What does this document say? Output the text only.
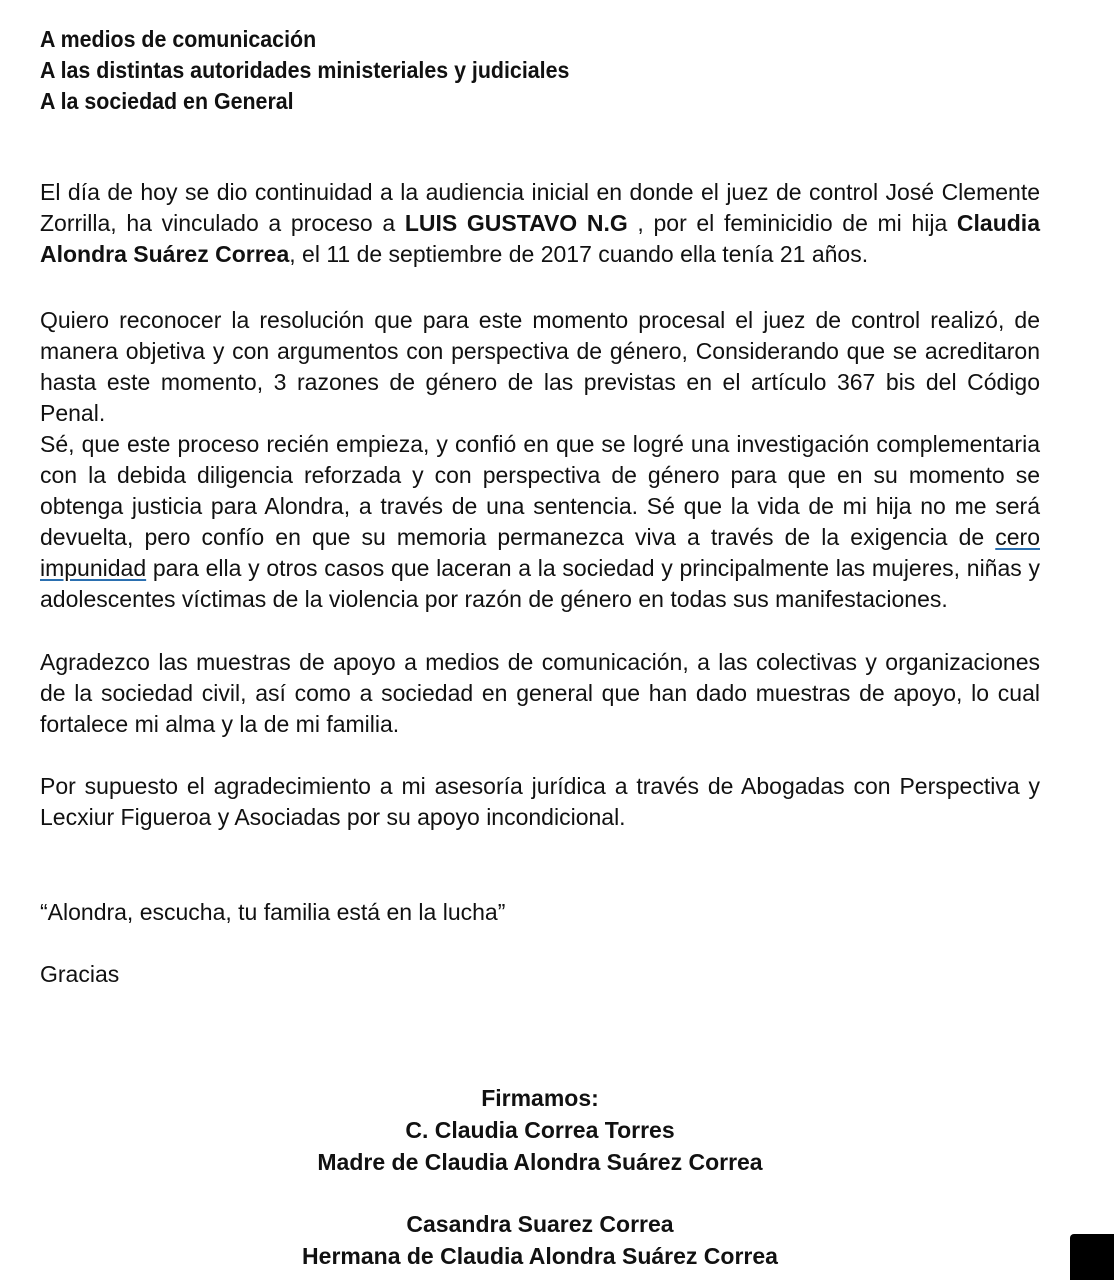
A medios de comunicación
A las distintas autoridades ministeriales y judiciales
A la sociedad en General

El día de hoy se dio continuidad a la audiencia inicial en donde el juez de control José Clemente Zorrilla, ha vinculado a proceso a LUIS GUSTAVO N.G , por el feminicidio de mi hija Claudia Alondra Suárez Correa, el 11 de septiembre de 2017 cuando ella tenía 21 años.

Quiero reconocer la resolución que para este momento procesal el juez de control realizó, de manera objetiva y con argumentos con perspectiva de género, Considerando que se acreditaron hasta este momento, 3 razones de género de las previstas en el artículo 367 bis del Código Penal.

Sé, que este proceso recién empieza, y confió en que se logré una investigación complementaria con la debida diligencia reforzada y con perspectiva de género para que en su momento se obtenga justicia para Alondra, a través de una sentencia. Sé que la vida de mi hija no me será devuelta, pero confío en que su memoria permanezca viva a través de la exigencia de cero impunidad para ella y otros casos que laceran a la sociedad y principalmente las mujeres, niñas y adolescentes víctimas de la violencia por razón de género en todas sus manifestaciones.

Agradezco las muestras de apoyo a medios de comunicación, a las colectivas y organizaciones de la sociedad civil, así como a sociedad en general que han dado muestras de apoyo, lo cual fortalece mi alma y la de mi familia.

Por supuesto el agradecimiento a mi asesoría jurídica a través de Abogadas con Perspectiva y Lecxiur Figueroa y Asociadas por su apoyo incondicional.

“Alondra, escucha, tu familia está en la lucha”

Gracias

Firmamos:
C. Claudia Correa Torres
Madre de Claudia Alondra Suárez Correa
Casandra Suarez Correa
Hermana de Claudia Alondra Suárez Correa
